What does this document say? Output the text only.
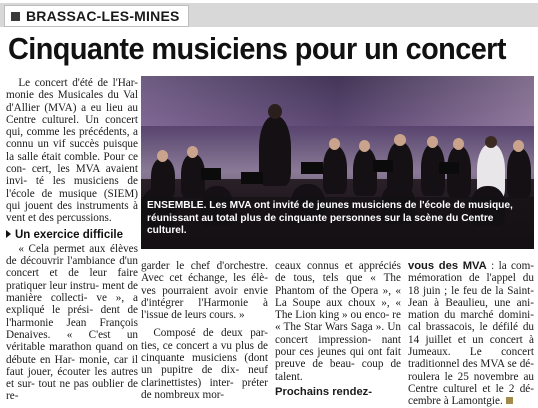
BRASSAC-LES-MINES
Cinquante musiciens pour un concert

Le concert d'été de l'Har- monie des Musicales du Val d'Allier (MVA) a eu lieu au Centre culturel. Un concert qui, comme les précédents, a connu un vif succès puisque la salle était comble. Pour ce con- cert, les MVA avaient invi- té les musiciens de l'école de musique (SIEM) qui jouent des instruments à vent et des percussions.

Un exercice difficile

« Cela permet aux élèves de découvrir l'ambiance d'un concert et de leur faire pratiquer leur instru- ment de manière collecti- ve », a expliqué le prési- dent de l'harmonie Jean François Denaives. « C'est un véritable marathon quand on débute en Har- monie, car il faut jouer, écouter les autres et sur- tout ne pas oublier de re-

ENSEMBLE. Les MVA ont invité de jeunes musiciens de l'école de musique, réunissant au total plus de cinquante personnes sur la scène du Centre culturel.

garder le chef d'orchestre. Avec cet échange, les élè- ves pourraient avoir envie d'intégrer l'Harmonie à l'issue de leurs cours. »

Composé de deux par- ties, ce concert a vu plus de cinquante musiciens (dont un pupitre de dix- neuf clarinettistes) inter- préter de nombreux mor-

ceaux connus et appréciés de tous, tels que « The Phantom of the Opera », « La Soupe aux choux », « The Lion king » ou enco- re « The Star Wars Saga ». Un concert impression- nant pour ces jeunes qui ont fait preuve de beau- coup de talent.

Prochains rendez-

vous des MVA : la com- mémoration de l'appel du 18 juin ; le feu de la Saint- Jean à Beaulieu, une ani- mation du marché domini- cal brassacois, le défilé du 14 juillet et un concert à Jumeaux. Le concert traditionnel des MVA se dé- roulera le 25 novembre au Centre culturel et le 2 dé- cembre à Lamontgie.
